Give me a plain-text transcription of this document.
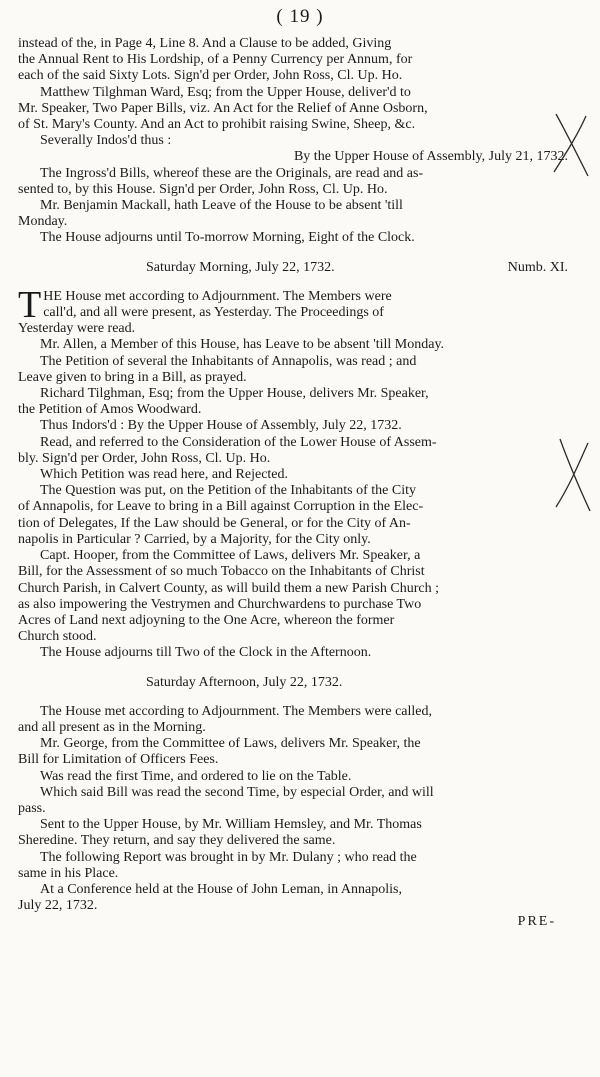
( 19 )

instead of the, in Page 4, Line 8. And a Clause to be added, Giving

the Annual Rent to His Lordship, of a Penny Currency per Annum, for

each of the said Sixty Lots. Sign'd per Order, John Ross, Cl. Up. Ho.

Matthew Tilghman Ward, Esq; from the Upper House, deliver'd to

Mr. Speaker, Two Paper Bills, viz. An Act for the Relief of Anne Osborn,

of St. Mary's County. And an Act to prohibit raising Swine, Sheep, &c.

Severally Indos'd thus :

By the Upper House of Assembly, July 21, 1732.

The Ingross'd Bills, whereof these are the Originals, are read and as-

sented to, by this House. Sign'd per Order, John Ross, Cl. Up. Ho.

Mr. Benjamin Mackall, hath Leave of the House to be absent 'till

Monday.

The House adjourns until To-morrow Morning, Eight of the Clock.

Saturday Morning, July 22, 1732.	Numb. XI.

T HE House met according to Adjournment. The Members were

call'd, and all were present, as Yesterday. The Proceedings of

Yesterday were read.

Mr. Allen, a Member of this House, has Leave to be absent 'till Monday.

The Petition of several the Inhabitants of Annapolis, was read ; and

Leave given to bring in a Bill, as prayed.

Richard Tilghman, Esq; from the Upper House, delivers Mr. Speaker,

the Petition of Amos Woodward.

Thus Indors'd : By the Upper House of Assembly, July 22, 1732.

Read, and referred to the Consideration of the Lower House of Assem-

bly. Sign'd per Order, John Ross, Cl. Up. Ho.

Which Petition was read here, and Rejected.

The Question was put, on the Petition of the Inhabitants of the City

of Annapolis, for Leave to bring in a Bill against Corruption in the Elec-

tion of Delegates, If the Law should be General, or for the City of An-

napolis in Particular ? Carried, by a Majority, for the City only.

Capt. Hooper, from the Committee of Laws, delivers Mr. Speaker, a

Bill, for the Assessment of so much Tobacco on the Inhabitants of Christ

Church Parish, in Calvert County, as will build them a new Parish Church ;

as also impowering the Vestrymen and Churchwardens to purchase Two

Acres of Land next adjoyning to the One Acre, whereon the former

Church stood.

The House adjourns till Two of the Clock in the Afternoon.

Saturday Afternoon, July 22, 1732.

The House met according to Adjournment. The Members were called,

and all present as in the Morning.

Mr. George, from the Committee of Laws, delivers Mr. Speaker, the

Bill for Limitation of Officers Fees.

Was read the first Time, and ordered to lie on the Table.

Which said Bill was read the second Time, by especial Order, and will

pass.

Sent to the Upper House, by Mr. William Hemsley, and Mr. Thomas

Sheredine. They return, and say they delivered the same.

The following Report was brought in by Mr. Dulany ; who read the

same in his Place.

At a Conference held at the House of John Leman, in Annapolis,

July 22, 1732.

PRE-
